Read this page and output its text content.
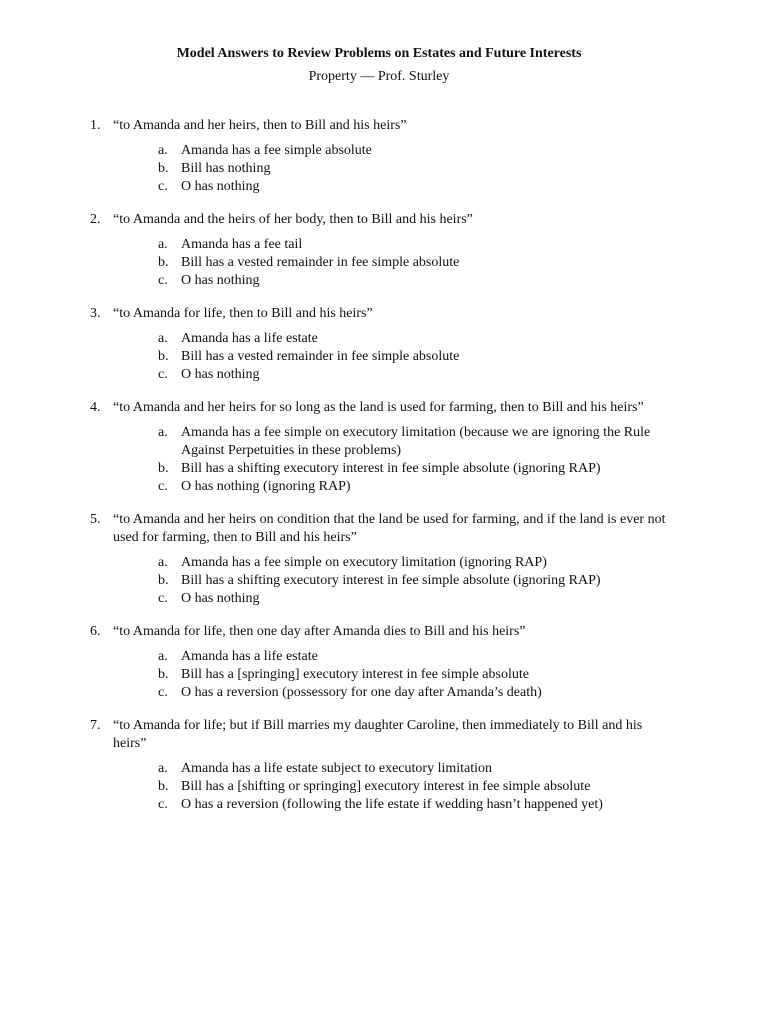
Model Answers to Review Problems on Estates and Future Interests

Property — Prof. Sturley

1. “to Amanda and her heirs, then to Bill and his heirs”

a. Amanda has a fee simple absolute
b. Bill has nothing
c. O has nothing
2. “to Amanda and the heirs of her body, then to Bill and his heirs”

a. Amanda has a fee tail
b. Bill has a vested remainder in fee simple absolute
c. O has nothing
3. “to Amanda for life, then to Bill and his heirs”

a. Amanda has a life estate
b. Bill has a vested remainder in fee simple absolute
c. O has nothing
4. “to Amanda and her heirs for so long as the land is used for farming, then to Bill and his heirs”

a. Amanda has a fee simple on executory limitation (because we are ignoring the Rule Against Perpetuities in these problems)
b. Bill has a shifting executory interest in fee simple absolute (ignoring RAP)
c. O has nothing (ignoring RAP)
5. “to Amanda and her heirs on condition that the land be used for farming, and if the land is ever not used for farming, then to Bill and his heirs”

a. Amanda has a fee simple on executory limitation (ignoring RAP)
b. Bill has a shifting executory interest in fee simple absolute (ignoring RAP)
c. O has nothing
6. “to Amanda for life, then one day after Amanda dies to Bill and his heirs”

a. Amanda has a life estate
b. Bill has a [springing] executory interest in fee simple absolute
c. O has a reversion (possessory for one day after Amanda’s death)
7. “to Amanda for life; but if Bill marries my daughter Caroline, then immediately to Bill and his heirs”

a. Amanda has a life estate subject to executory limitation
b. Bill has a [shifting or springing] executory interest in fee simple absolute
c. O has a reversion (following the life estate if wedding hasn’t happened yet)
